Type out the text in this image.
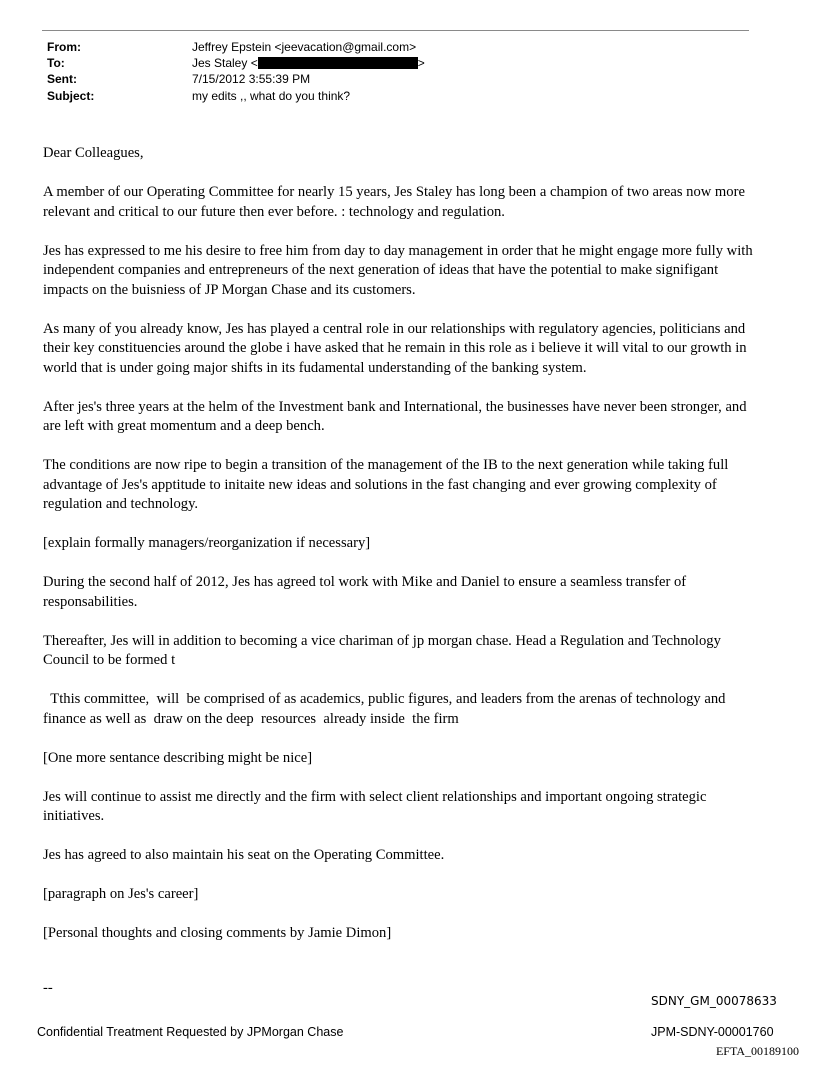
From:	Jeffrey Epstein <jeevacation@gmail.com>
To:	Jes Staley <	>
Sent:	7/15/2012 3:55:39 PM
Subject:	my edits ,, what do you think?

Dear Colleagues,

A member of our Operating Committee for nearly 15 years, Jes Staley has long been a champion of two areas now more relevant and critical to our future then ever before. : technology and regulation.

Jes has expressed to me his desire to free him from day to day management in order that he might engage more fully with independent companies and entrepreneurs of the next generation of ideas that have the potential to make signifigant impacts on the buisniess of JP Morgan Chase and its customers.

As many of you already know, Jes has played a central role in our relationships with regulatory agencies, politicians and their key constituencies around the globe i have asked that he remain in this role as i believe it will vital to our growth in world that is under going major shifts in its fudamental understanding of the banking system.

After jes's three years at the helm of the Investment bank and International, the businesses have never been stronger, and are left with great momentum and a deep bench.

The conditions are now ripe to begin a transition of the management of the IB to the next generation while taking full advantage of Jes's apptitude to initaite new ideas and solutions in the fast changing and ever growing complexity of regulation and technology.

[explain formally managers/reorganization if necessary]

During the second half of 2012, Jes has agreed tol work with Mike and Daniel to ensure a seamless transfer of responsabilities.

Thereafter, Jes will in addition to becoming a vice chariman of jp morgan chase. Head a Regulation and Technology Council to be formed t

Tthis committee,  will  be comprised of as academics, public figures, and leaders from the arenas of technology and finance as well as  draw on the deep  resources  already inside  the firm

[One more sentance describing might be nice]

Jes will continue to assist me directly and the firm with select client relationships and important ongoing strategic initiatives.

Jes has agreed to also maintain his seat on the Operating Committee.

[paragraph on Jes's career]

[Personal thoughts and closing comments by Jamie Dimon]

--
SDNY_GM_00078633
Confidential Treatment Requested by JPMorgan Chase	JPM-SDNY-00001760
EFTA_00189100
